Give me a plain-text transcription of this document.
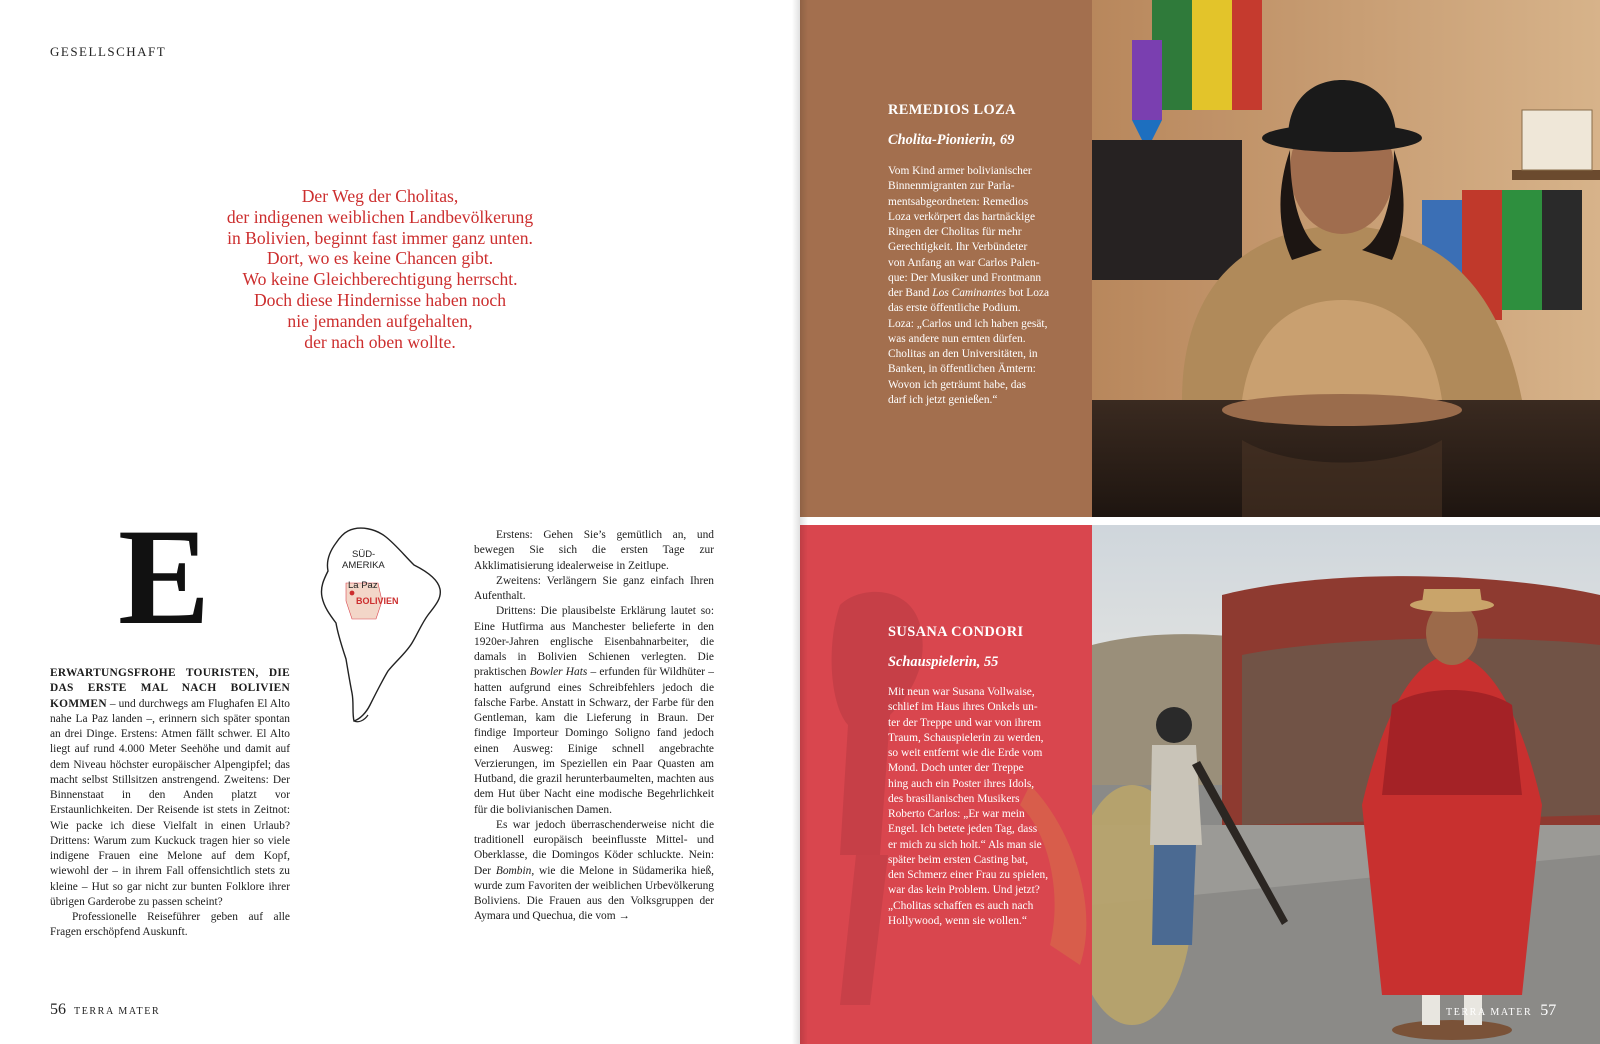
GESELLSCHAFT
Der Weg der Cholitas,
der indigenen weiblichen Landbevölkerung
in Bolivien, beginnt fast immer ganz unten.
Dort, wo es keine Chancen gibt.
Wo keine Gleichberechtigung herrscht.
Doch diese Hindernisse haben noch
nie jemanden aufgehalten,
der nach oben wollte.
E	SÜD-
AMERIKA
La Paz
BOLIVIEN

ERWARTUNGSFROHE TOURISTEN, DIE DAS ERSTE MAL NACH BOLIVIEN KOMMEN – und durchwegs am Flughafen El Alto nahe La Paz landen –, erinnern sich später spontan an drei Dinge. Erstens: Atmen fällt schwer. El Alto liegt auf rund 4.000 Meter Seehöhe und damit auf dem Niveau höchster europäischer Alpengipfel; das macht selbst Stillsitzen anstrengend. Zweitens: Der Binnenstaat in den Anden platzt vor Erstaunlichkeiten. Der Reisende ist stets in Zeitnot: Wie packe ich diese Vielfalt in einen Urlaub? Drittens: Warum zum Kuckuck tragen hier so viele indigene Frauen eine Melone auf dem Kopf, wiewohl der – in ihrem Fall offensichtlich stets zu kleine – Hut so gar nicht zur bunten Folklore ihrer übrigen Garderobe zu passen scheint?

Professionelle Reiseführer geben auf alle Fragen erschöpfend Auskunft.

Erstens: Gehen Sie’s gemütlich an, und bewegen Sie sich die ersten Tage zur Akklimatisierung idealerweise in Zeitlupe.

Zweitens: Verlängern Sie ganz einfach Ihren Aufenthalt.

Drittens: Die plausibelste Erklärung lautet so: Eine Hutfirma aus Manchester belieferte in den 1920er-Jahren englische Eisenbahnarbeiter, die damals in Bolivien Schienen verlegten. Die praktischen Bowler Hats – erfunden für Wildhüter – hatten aufgrund eines Schreibfehlers jedoch die falsche Farbe. Anstatt in Schwarz, der Farbe für den Gentleman, kam die Lieferung in Braun. Der findige Importeur Domingo Soligno fand jedoch einen Ausweg: Einige schnell angebrachte Verzierungen, im Speziellen ein Paar Quasten am Hutband, die grazil herunterbaumelten, machten aus dem Hut über Nacht eine modische Begehrlichkeit für die bolivianischen Damen.

Es war jedoch überraschenderweise nicht die traditionell europäisch beeinflusste Mittel- und Oberklasse, die Domingos Köder schluckte. Nein: Der Bombin, wie die Melone in Südamerika hieß, wurde zum Favoriten der weiblichen Urbevölkerung Boliviens. Die Frauen aus den Volksgruppen der Aymara und Quechua, die vom →

56 TERRA MATER
REMEDIOS LOZA
Cholita-Pionierin, 69
Vom Kind armer bolivianischer
Binnenmigranten zur Parla-
mentsabgeordneten: Remedios
Loza verkörpert das hartnäckige
Ringen der Cholitas für mehr
Gerechtigkeit. Ihr Verbündeter
von Anfang an war Carlos Palen-
que: Der Musiker und Frontmann
der Band Los Caminantes bot Loza
das erste öffentliche Podium.
Loza: „Carlos und ich haben gesät,
was andere nun ernten dürfen.
Cholitas an den Universitäten, in
Banken, in öffentlichen Ämtern:
Wovon ich geträumt habe, das
darf ich jetzt genießen.“
SUSANA CONDORI
Schauspielerin, 55
Mit neun war Susana Vollwaise,
schlief im Haus ihres Onkels un-
ter der Treppe und war von ihrem
Traum, Schauspielerin zu werden,
so weit entfernt wie die Erde vom
Mond. Doch unter der Treppe
hing auch ein Poster ihres Idols,
des brasilianischen Musikers
Roberto Carlos: „Er war mein
Engel. Ich betete jeden Tag, dass
er mich zu sich holt.“ Als man sie
später beim ersten Casting bat,
den Schmerz einer Frau zu spielen,
war das kein Problem. Und jetzt?
„Cholitas schaffen es auch nach
Hollywood, wenn sie wollen.“
TERRA MATER 57
